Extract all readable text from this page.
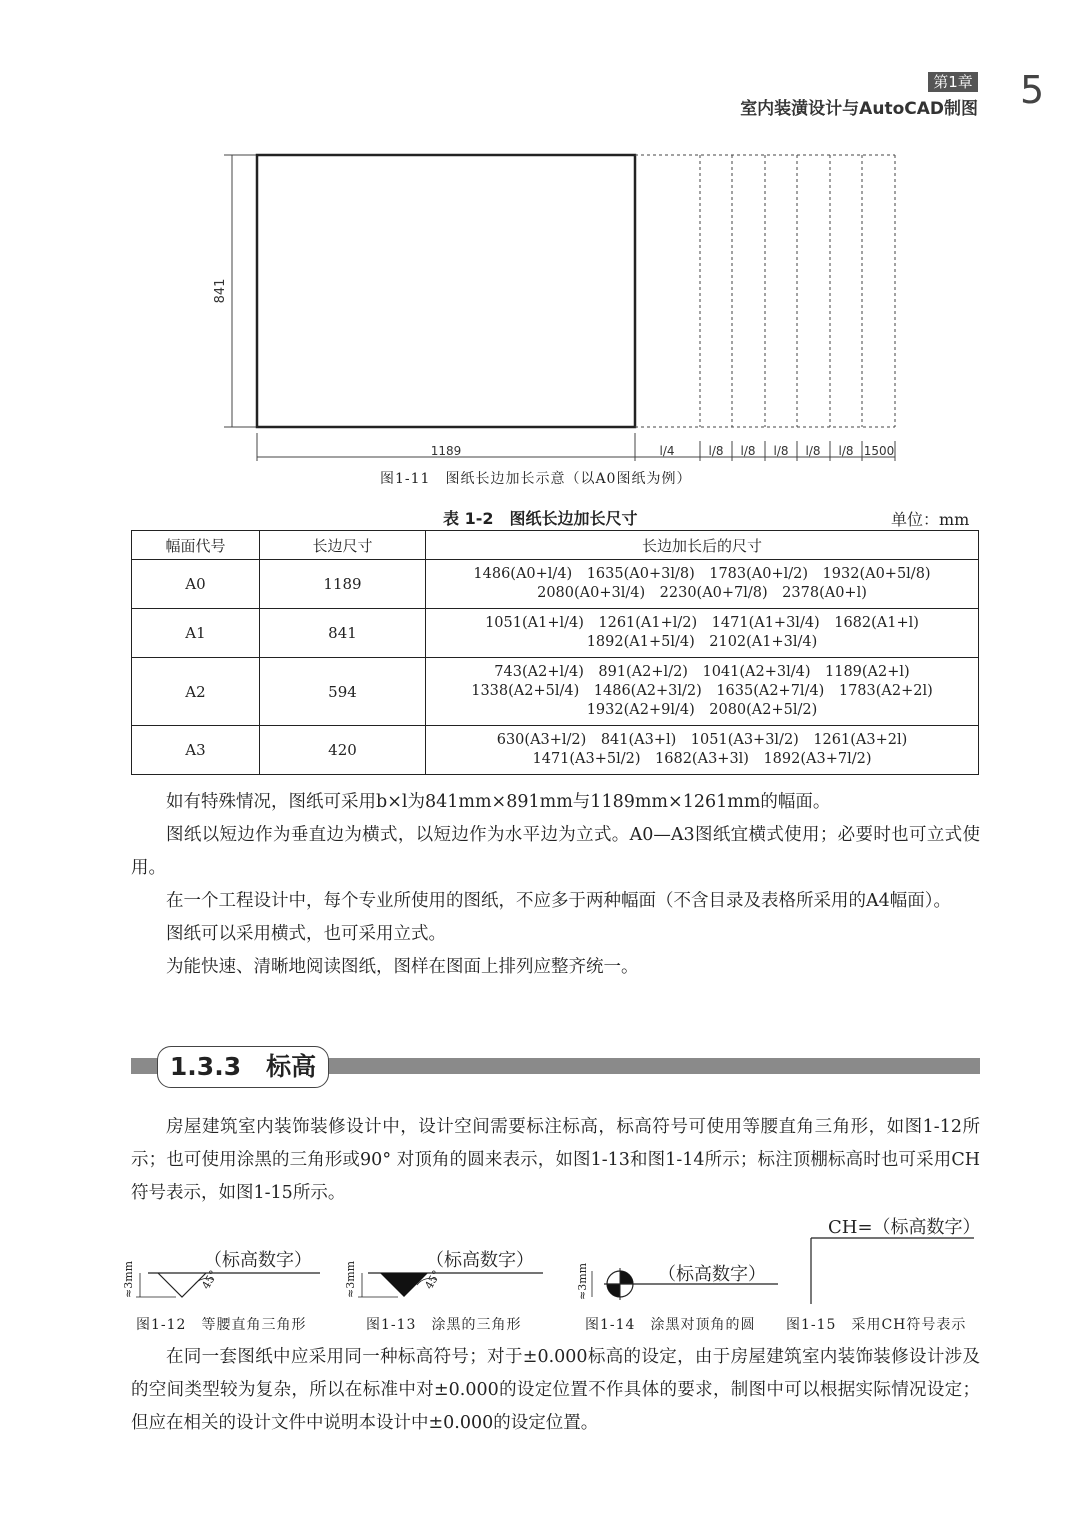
第1章
室内装潢设计与AutoCAD制图 5
841
1189	l/4	l/8 l/8 l/8 l/8 l/8 1500
图1-11　图纸长边加长示意（以A0图纸为例）
表 1-2　图纸长边加长尺寸	单位：mm
幅面代号	长边尺寸	长边加长后的尺寸
A0	1189	1486(A0+l/4)　1635(A0+3l/8)　1783(A0+l/2)　1932(A0+5l/8)
2080(A0+3l/4)　2230(A0+7l/8)　2378(A0+l)

A1	841	1051(A1+l/4)　1261(A1+l/2)　1471(A1+3l/4)　1682(A1+l)
1892(A1+5l/4)　2102(A1+3l/4)

A2	594	743(A2+l/4)　891(A2+l/2)　1041(A2+3l/4)　1189(A2+l)
1338(A2+5l/4)　1486(A2+3l/2)　1635(A2+7l/4)　1783(A2+2l)
1932(A2+9l/4)　2080(A2+5l/2)

A3	420	630(A3+l/2)　841(A3+l)　1051(A3+3l/2)　1261(A3+2l)
1471(A3+5l/2)　1682(A3+3l)　1892(A3+7l/2)

如有特殊情况，图纸可采用b×l为841mm×891mm与1189mm×1261mm的幅面。

图纸以短边作为垂直边为横式，以短边作为水平边为立式。A0—A3图纸宜横式使用；必要时也可立式使用。

在一个工程设计中，每个专业所使用的图纸，不应多于两种幅面（不含目录及表格所采用的A4幅面）。

图纸可以采用横式，也可采用立式。

为能快速、清晰地阅读图纸，图样在图面上排列应整齐统一。

1.3.3　标高

房屋建筑室内装饰装修设计中，设计空间需要标注标高，标高符号可使用等腰直角三角形，如图1-12所示；也可使用涂黑的三角形或90° 对顶角的圆来表示，如图1-13和图1-14所示；标注顶棚标高时也可采用CH符号表示，如图1-15所示。

≈3mm	45°
（标高数字）
≈3mm	45°
（标高数字）
≈3mm	（标高数字）
CH=（标高数字）
图1-12　等腰直角三角形	图1-13　涂黑的三角形	图1-14　涂黑对顶角的圆 图1-15　采用CH符号表示

在同一套图纸中应采用同一种标高符号；对于±0.000标高的设定，由于房屋建筑室内装饰装修设计涉及的空间类型较为复杂，所以在标准中对±0.000的设定位置不作具体的要求，制图中可以根据实际情况设定；但应在相关的设计文件中说明本设计中±0.000的设定位置。
